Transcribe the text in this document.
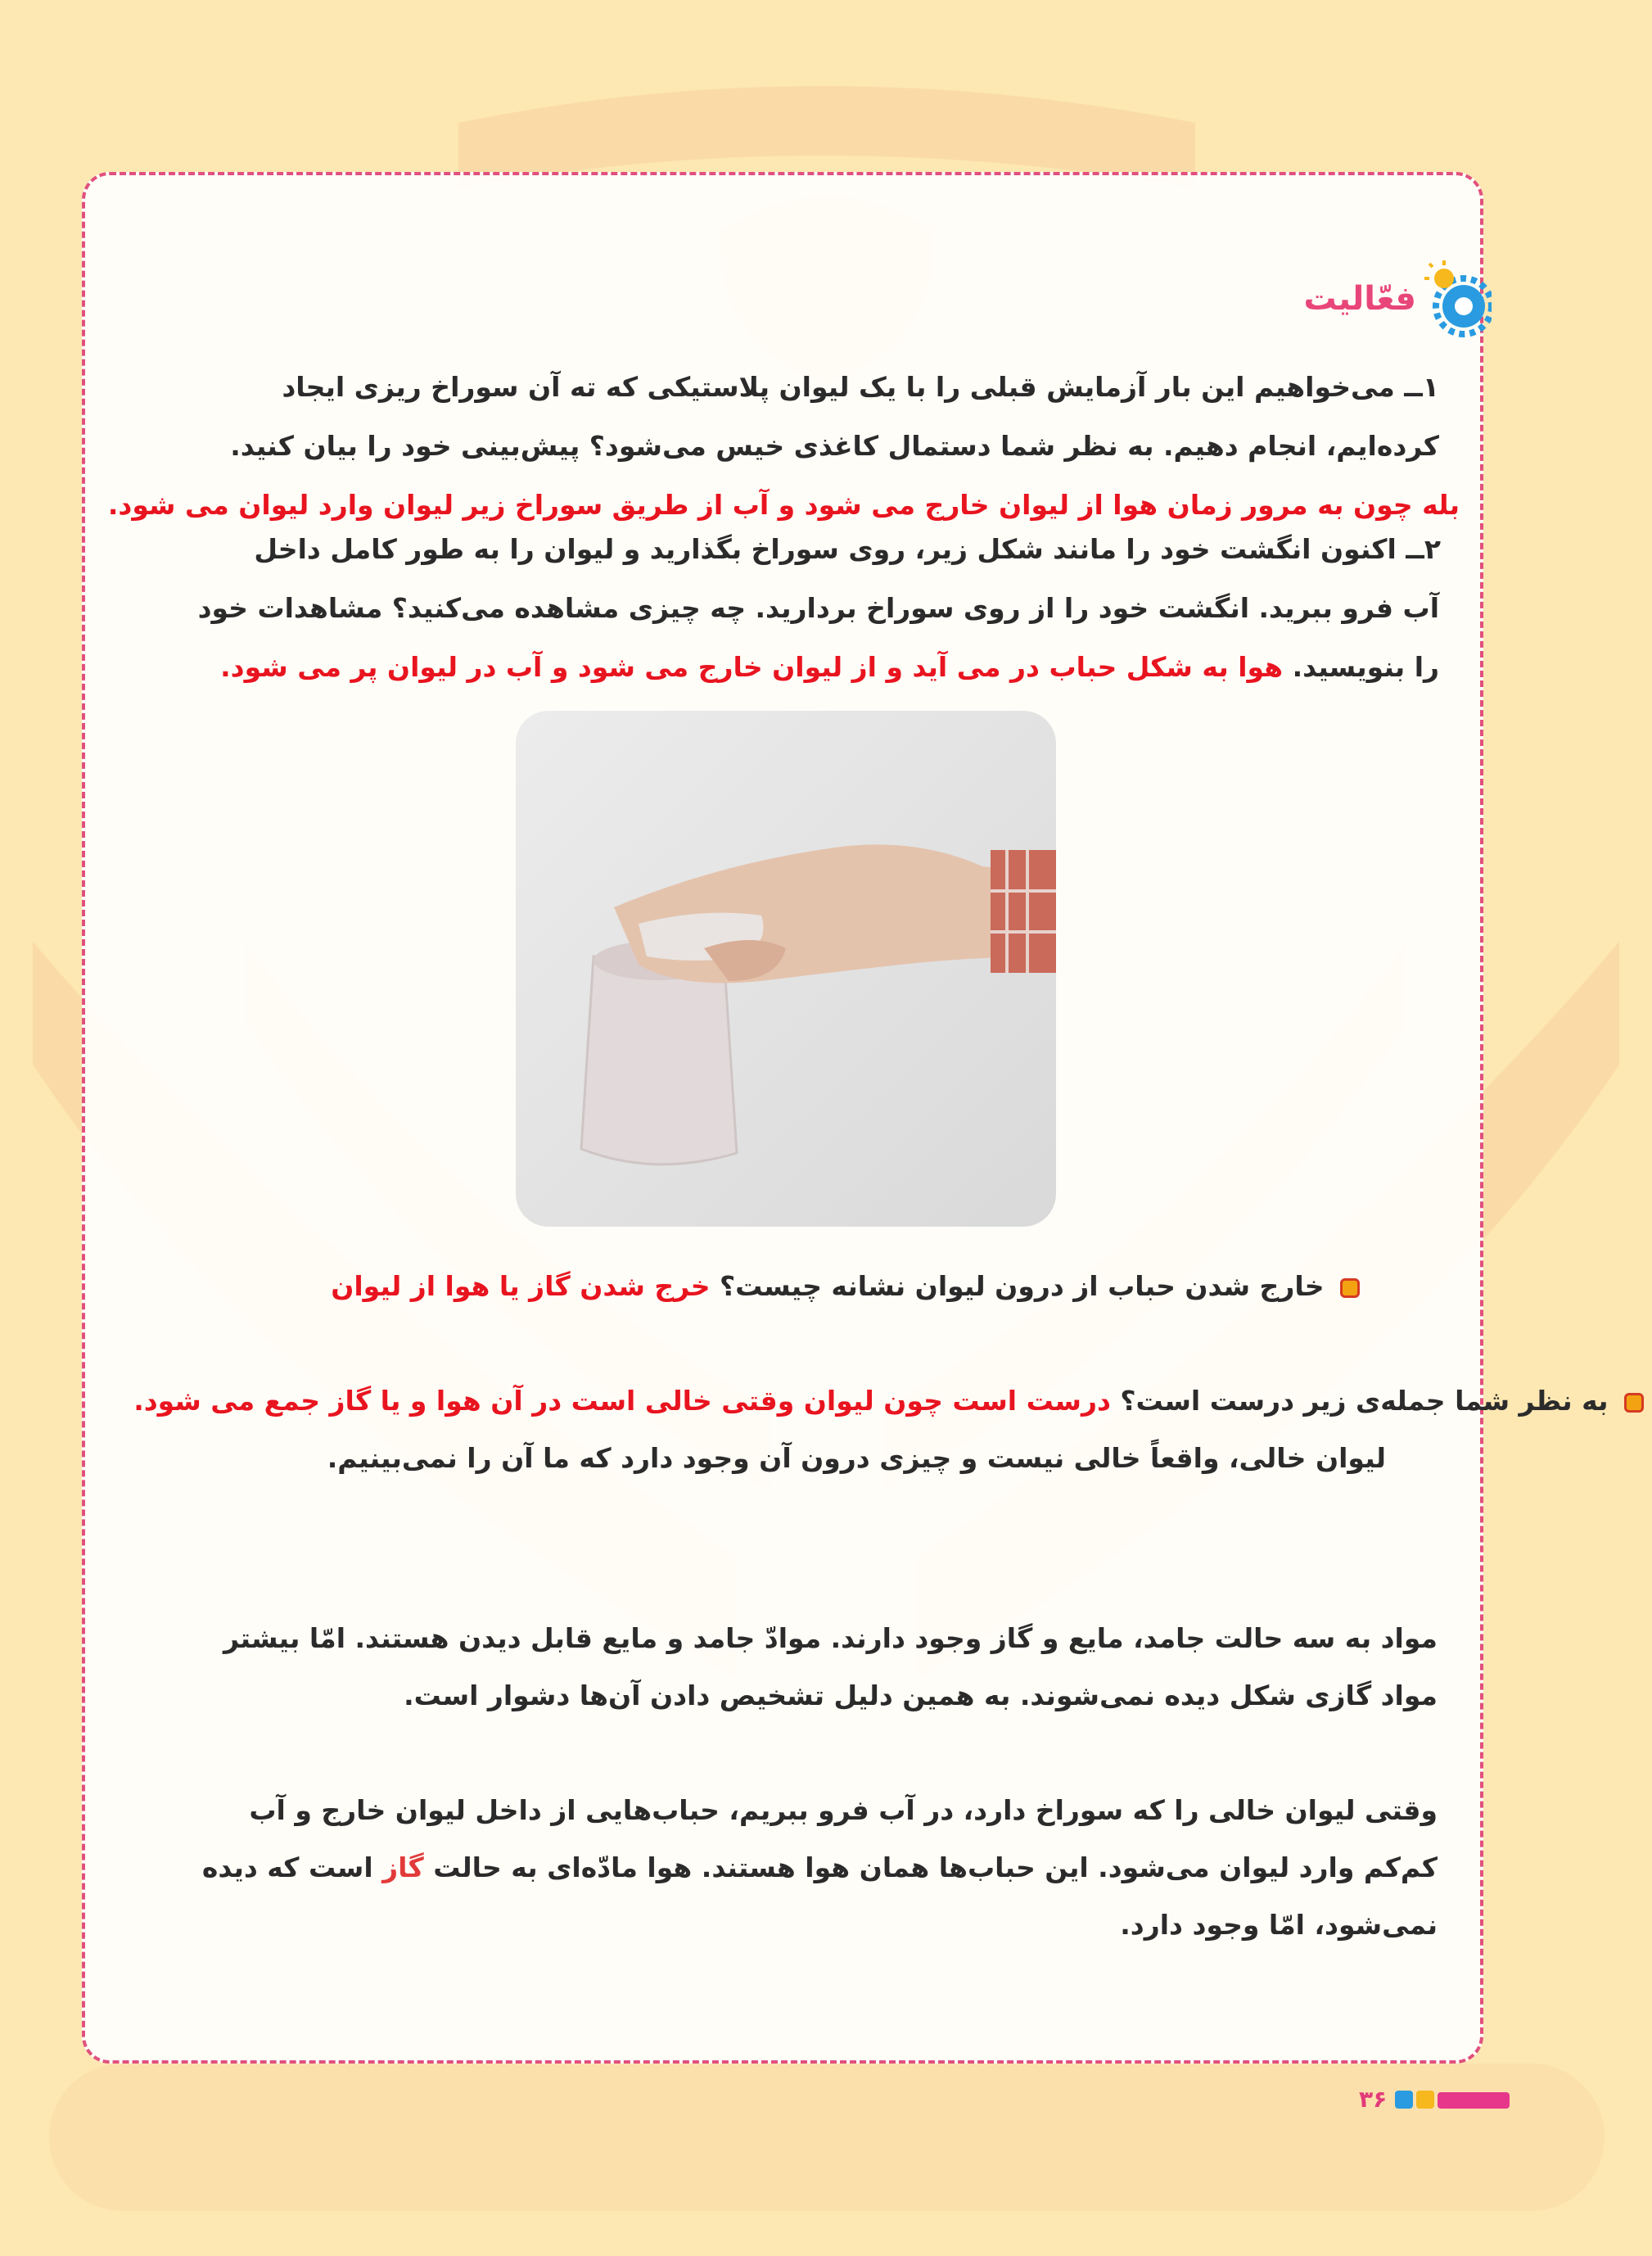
فعّالیت
۱ــ می‌خواهیم این بار آزمایش قبلی را با یک لیوان پلاستیکی که ته آن سوراخ ریزی ایجاد
کرده‌ایم، انجام دهیم. به نظر شما دستمال کاغذی خیس می‌شود؟ پیش‌بینی خود را بیان کنید.
بله چون به مرور زمان هوا از لیوان خارج می شود و آب از طریق سوراخ زیر لیوان وارد لیوان می شود.
۲ــ اکنون انگشت خود را مانند شکل زیر، روی سوراخ بگذارید و لیوان را به طور کامل داخل
آب فرو ببرید. انگشت خود را از روی سوراخ بردارید. چه چیزی مشاهده می‌کنید؟ مشاهدات خود
را بنویسید. هوا به شکل حباب در می آید و از لیوان خارج می شود و آب در لیوان پر می شود.
خارج شدن حباب از درون لیوان نشانه چیست؟ خرج شدن گاز یا هوا از لیوان
به نظر شما جمله‌ی زیر درست است؟ درست است چون لیوان وقتی خالی است در آن هوا و یا گاز جمع می شود.
لیوان خالی، واقعاً خالی نیست و چیزی درون آن وجود دارد که ما آن را نمی‌بینیم.
مواد به سه حالت جامد، مایع و گاز وجود دارند. موادّ جامد و مایع قابل دیدن هستند. امّا بیشتر
مواد گازی شکل دیده نمی‌شوند. به همین دلیل تشخیص دادن آن‌ها دشوار است.
وقتی لیوان خالی را که سوراخ دارد، در آب فرو ببریم، حباب‌هایی از داخل لیوان خارج و آب
کم‌کم وارد لیوان می‌شود. این حباب‌ها همان هوا هستند. هوا مادّه‌ای به حالت گاز است که دیده
نمی‌شود، امّا وجود دارد.
۳۶
